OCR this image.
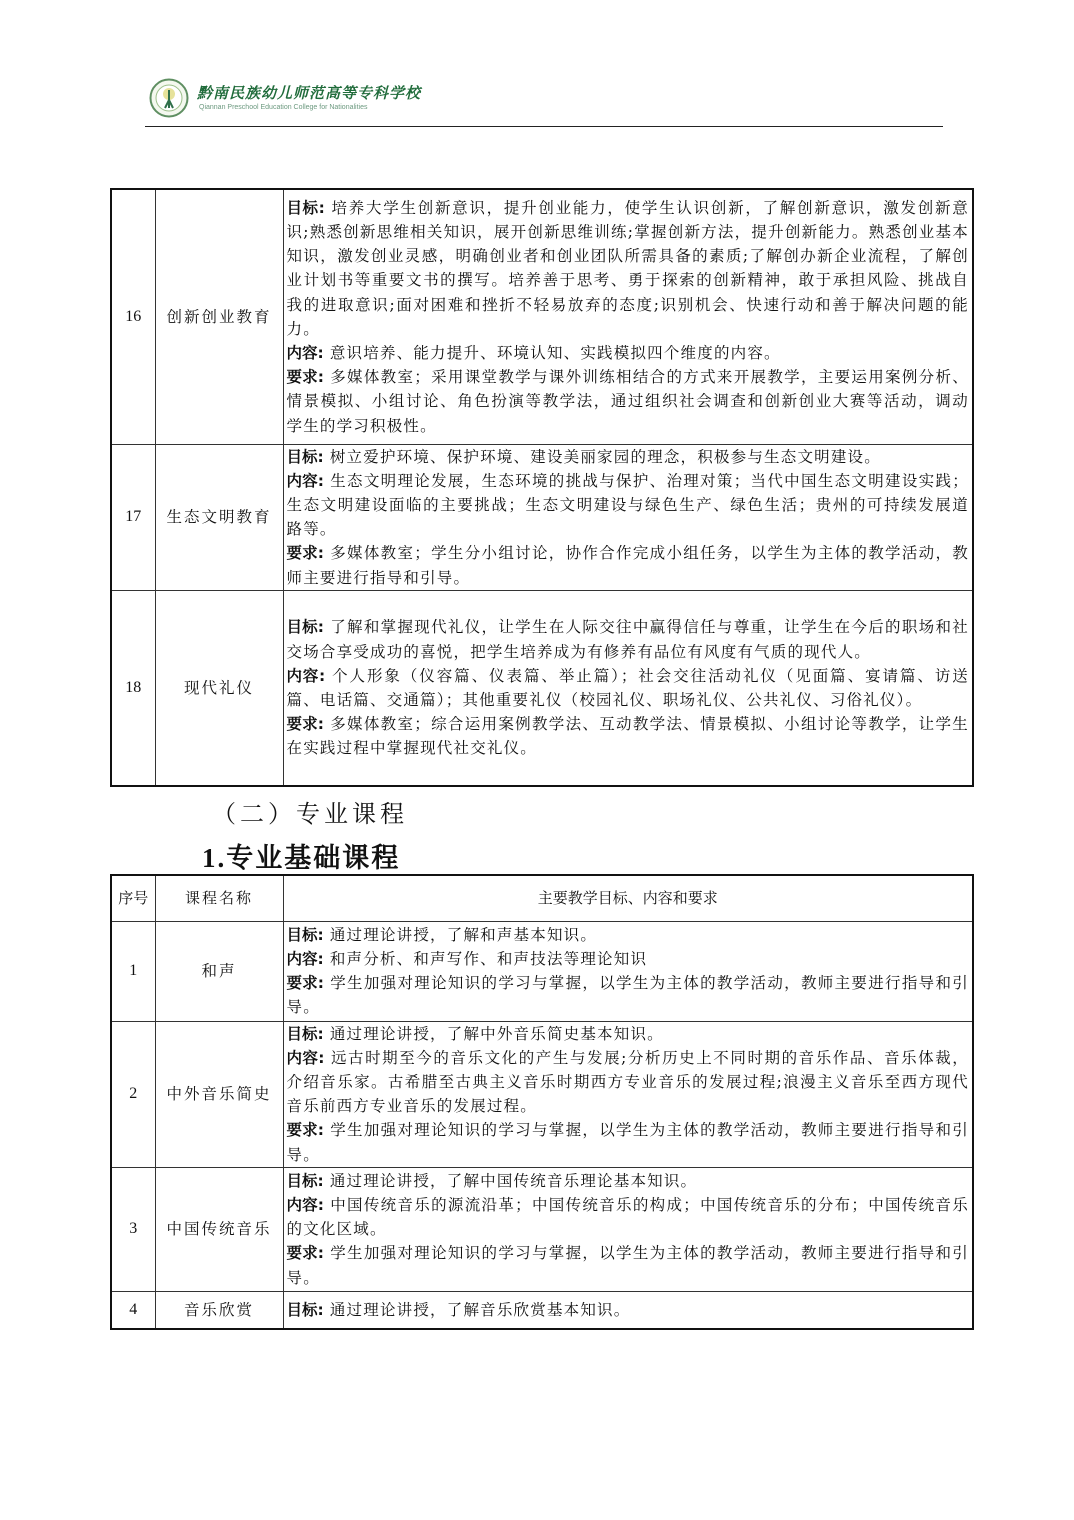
黔南民族幼儿师范高等专科学校
Qiannan Preschool Education College for Nationalities
16	创新创业教育	目标: 培养大学生创新意识，提升创业能力，使学生认识创新，了解创新意识，激发创新意识;熟悉创新思维相关知识，展开创新思维训练;掌握创新方法，提升创新能力。熟悉创业基本知识，激发创业灵感，明确创业者和创业团队所需具备的素质;了解创办新企业流程，了解创业计划书等重要文书的撰写。培养善于思考、勇于探索的创新精神，敢于承担风险、挑战自我的进取意识;面对困难和挫折不轻易放弃的态度;识别机会、快速行动和善于解决问题的能力。
内容: 意识培养、能力提升、环境认知、实践模拟四个维度的内容。
要求: 多媒体教室；采用课堂教学与课外训练相结合的方式来开展教学，主要运用案例分析、情景模拟、小组讨论、角色扮演等教学法，通过组织社会调查和创新创业大赛等活动，调动学生的学习积极性。

17	生态文明教育	目标: 树立爱护环境、保护环境、建设美丽家园的理念，积极参与生态文明建设。
内容: 生态文明理论发展，生态环境的挑战与保护、治理对策；当代中国生态文明建设实践；生态文明建设面临的主要挑战；生态文明建设与绿色生产、绿色生活；贵州的可持续发展道路等。
要求: 多媒体教室；学生分小组讨论，协作合作完成小组任务，以学生为主体的教学活动，教师主要进行指导和引导。

18	现代礼仪	目标: 了解和掌握现代礼仪，让学生在人际交往中赢得信任与尊重，让学生在今后的职场和社交场合享受成功的喜悦，把学生培养成为有修养有品位有风度有气质的现代人。
内容: 个人形象（仪容篇、仪表篇、举止篇）；社会交往活动礼仪（见面篇、宴请篇、访送篇、电话篇、交通篇）；其他重要礼仪（校园礼仪、职场礼仪、公共礼仪、习俗礼仪）。
要求: 多媒体教室；综合运用案例教学法、互动教学法、情景模拟、小组讨论等教学，让学生在实践过程中掌握现代社交礼仪。
（二）专业课程
1.专业基础课程
序号	课程名称	主要教学目标、内容和要求
1	和声	目标: 通过理论讲授，了解和声基本知识。
内容: 和声分析、和声写作、和声技法等理论知识
要求: 学生加强对理论知识的学习与掌握，以学生为主体的教学活动，教师主要进行指导和引导。

2	中外音乐简史	目标: 通过理论讲授，了解中外音乐简史基本知识。
内容: 远古时期至今的音乐文化的产生与发展;分析历史上不同时期的音乐作品、音乐体裁，介绍音乐家。古希腊至古典主义音乐时期西方专业音乐的发展过程;浪漫主义音乐至西方现代音乐前西方专业音乐的发展过程。
要求: 学生加强对理论知识的学习与掌握，以学生为主体的教学活动，教师主要进行指导和引导。

3	中国传统音乐	目标: 通过理论讲授，了解中国传统音乐理论基本知识。
内容: 中国传统音乐的源流沿革；中国传统音乐的构成；中国传统音乐的分布；中国传统音乐的文化区域。
要求: 学生加强对理论知识的学习与掌握，以学生为主体的教学活动，教师主要进行指导和引导。

4	音乐欣赏	目标: 通过理论讲授，了解音乐欣赏基本知识。
